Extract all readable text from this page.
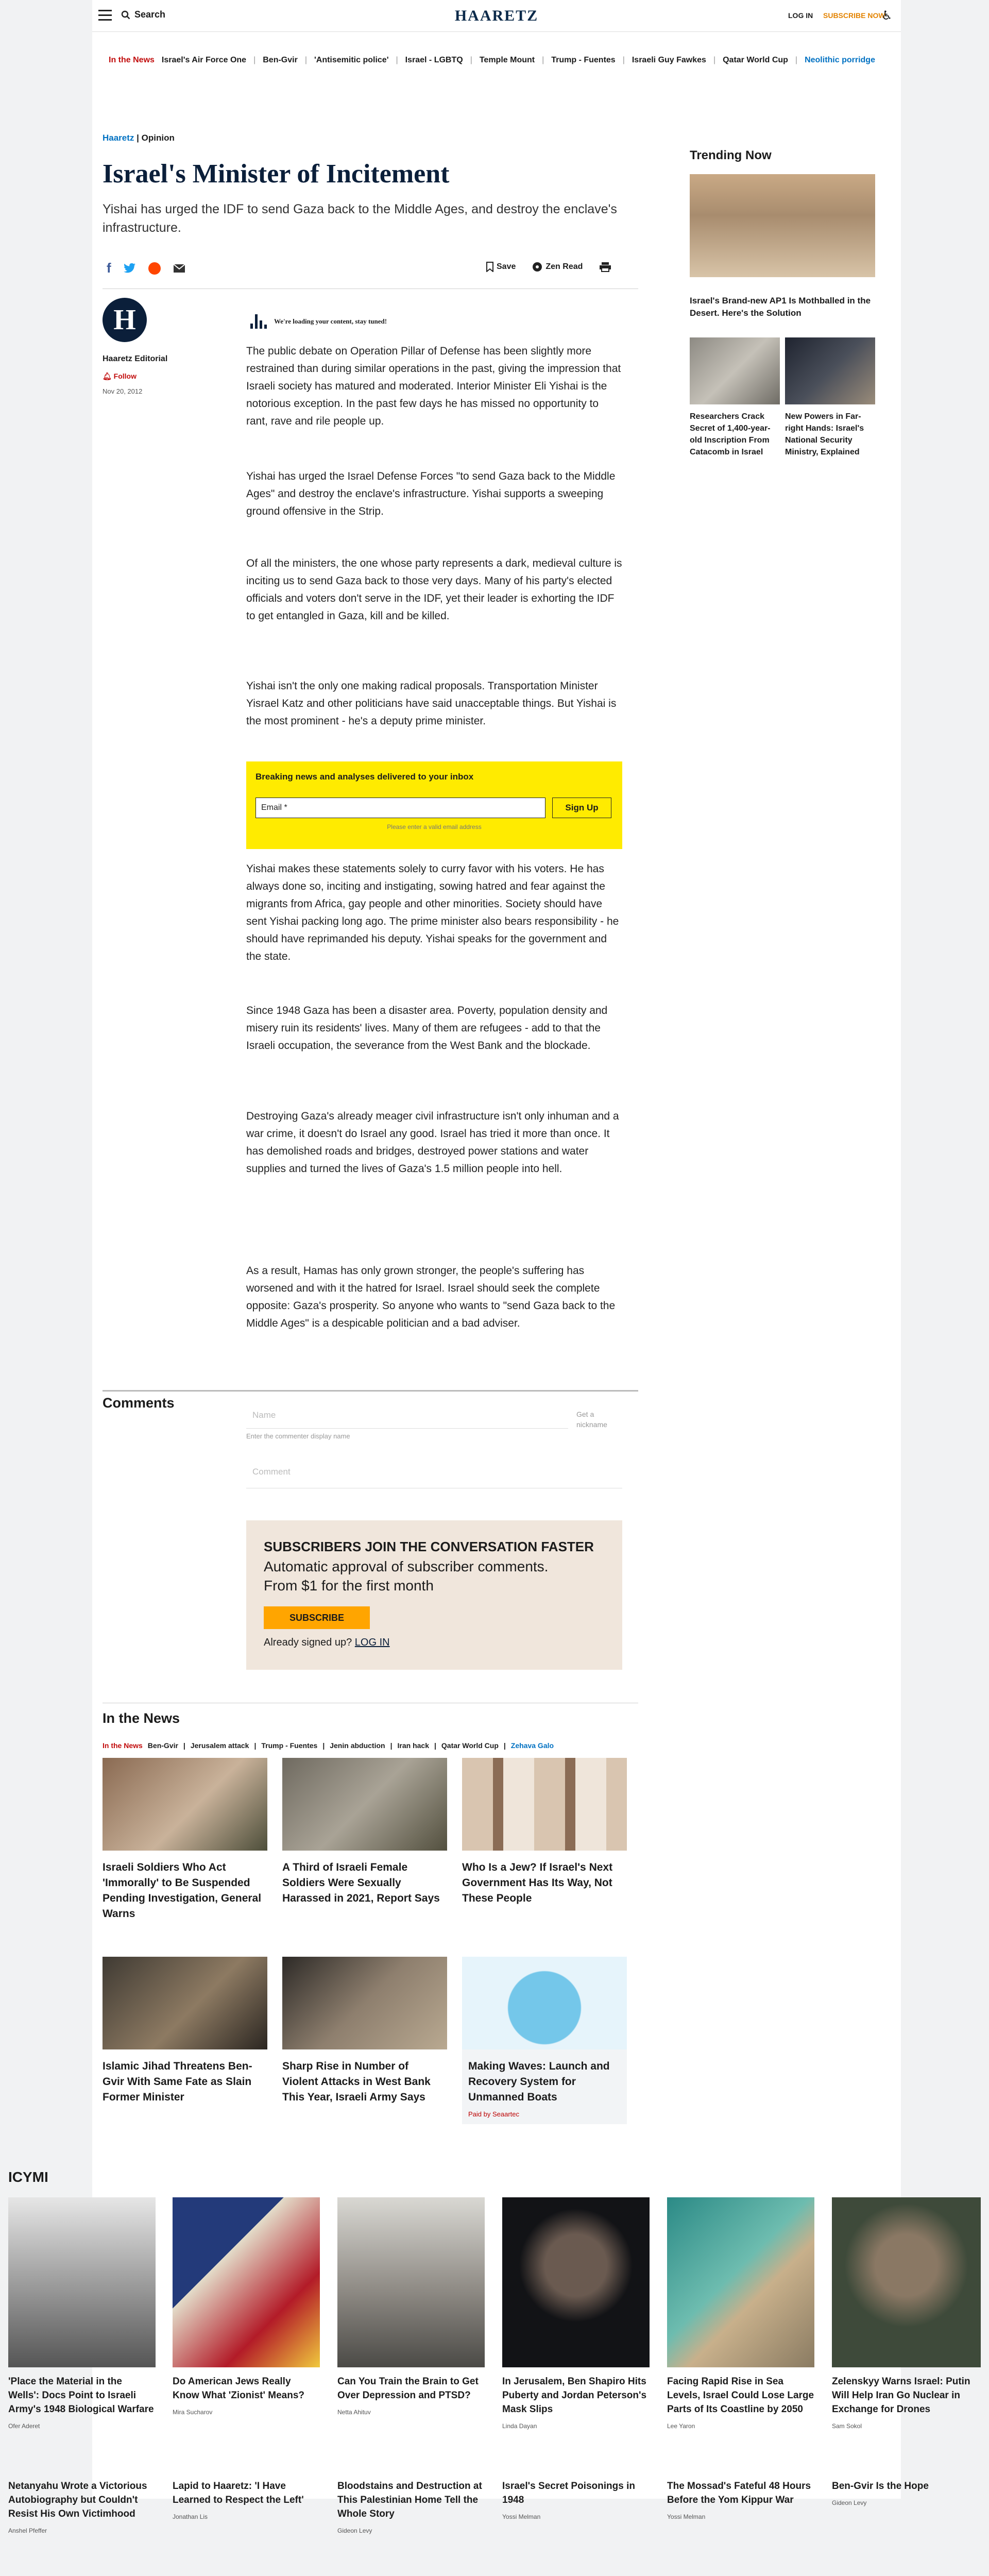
Search	HAARETZ	LOG IN SUBSCRIBE NOW
♿︎
In the News Israel's Air Force One | Ben-Gvir | 'Antisemitic police' | Israel - LGBTQ | Temple Mount | Trump - Fuentes | Israeli Guy Fawkes | Qatar World Cup | Neolithic porridge
Haaretz | Opinion
Israel's Minister of Incitement

Yishai has urged the IDF to send Gaza back to the Middle Ages, and destroy the enclave's infrastructure.

f	Save	Zen Read
H
Haaretz Editorial
🔔︎ Follow
Nov 20, 2012
We're loading your content, stay tuned!

The public debate on Operation Pillar of Defense has been slightly more restrained than during similar operations in the past, giving the impression that Israeli society has matured and moderated. Interior Minister Eli Yishai is the notorious exception. In the past few days he has missed no opportunity to rant, rave and rile people up.

Yishai has urged the Israel Defense Forces "to send Gaza back to the Middle Ages" and destroy the enclave's infrastructure. Yishai supports a sweeping ground offensive in the Strip.

Of all the ministers, the one whose party represents a dark, medieval culture is inciting us to send Gaza back to those very days. Many of his party's elected officials and voters don't serve in the IDF, yet their leader is exhorting the IDF to get entangled in Gaza, kill and be killed.

Yishai isn't the only one making radical proposals. Transportation Minister Yisrael Katz and other politicians have said unacceptable things. But Yishai is the most prominent - he's a deputy prime minister.

Breaking news and analyses delivered to your inbox
Email *	Sign Up
Please enter a valid email address

Yishai makes these statements solely to curry favor with his voters. He has always done so, inciting and instigating, sowing hatred and fear against the migrants from Africa, gay people and other minorities. Society should have sent Yishai packing long ago. The prime minister also bears responsibility - he should have reprimanded his deputy. Yishai speaks for the government and the state.

Since 1948 Gaza has been a disaster area. Poverty, population density and misery ruin its residents' lives. Many of them are refugees - add to that the Israeli occupation, the severance from the West Bank and the blockade.

Destroying Gaza's already meager civil infrastructure isn't only inhuman and a war crime, it doesn't do Israel any good. Israel has tried it more than once. It has demolished roads and bridges, destroyed power stations and water supplies and turned the lives of Gaza's 1.5 million people into hell.

As a result, Hamas has only grown stronger, the people's suffering has worsened and with it the hatred for Israel. Israel should seek the complete opposite: Gaza's prosperity. So anyone who wants to "send Gaza back to the Middle Ages" is a despicable politician and a bad adviser.

Comments
Name	Get a nickname
Enter the commenter display name
Comment
SUBSCRIBERS JOIN THE CONVERSATION FASTER
Automatic approval of subscriber comments.
From $1 for the first month
SUBSCRIBE
Already signed up? LOG IN
In the News
In the News Ben-Gvir | Jerusalem attack | Trump - Fuentes | Jenin abduction | Iran hack | Qatar World Cup | Zehava Galo
Israeli Soldiers Who Act 'Immorally' to Be Suspended Pending Investigation, General Warns
A Third of Israeli Female Soldiers Were Sexually Harassed in 2021, Report Says
Who Is a Jew? If Israel's Next Government Has Its Way, Not These People
Islamic Jihad Threatens Ben-Gvir With Same Fate as Slain Former Minister
Sharp Rise in Number of Violent Attacks in West Bank This Year, Israeli Army Says
Making Waves: Launch and Recovery System for Unmanned Boats
Paid by Seaartec
Trending Now
Israel's Brand-new AP1 Is Mothballed in the Desert. Here's the Solution
Researchers Crack Secret of 1,400-year-old Inscription From Catacomb in Israel
New Powers in Far-right Hands: Israel's National Security Ministry, Explained
ICYMI
'Place the Material in the Wells': Docs Point to Israeli Army's 1948 Biological Warfare
Ofer Aderet
Do American Jews Really Know What 'Zionist' Means?
Mira Sucharov
Can You Train the Brain to Get Over Depression and PTSD?
Netta Ahituv
In Jerusalem, Ben Shapiro Hits Puberty and Jordan Peterson's Mask Slips
Linda Dayan
Facing Rapid Rise in Sea Levels, Israel Could Lose Large Parts of Its Coastline by 2050
Lee Yaron
Zelenskyy Warns Israel: Putin Will Help Iran Go Nuclear in Exchange for Drones
Sam Sokol
Netanyahu Wrote a Victorious Autobiography but Couldn't Resist His Own Victimhood
Anshel Pfeffer
Lapid to Haaretz: 'I Have Learned to Respect the Left'
Jonathan Lis
Bloodstains and Destruction at This Palestinian Home Tell the Whole Story
Gideon Levy
Israel's Secret Poisonings in 1948
Yossi Melman
The Mossad's Fateful 48 Hours Before the Yom Kippur War
Yossi Melman
Ben-Gvir Is the Hope
Gideon Levy
